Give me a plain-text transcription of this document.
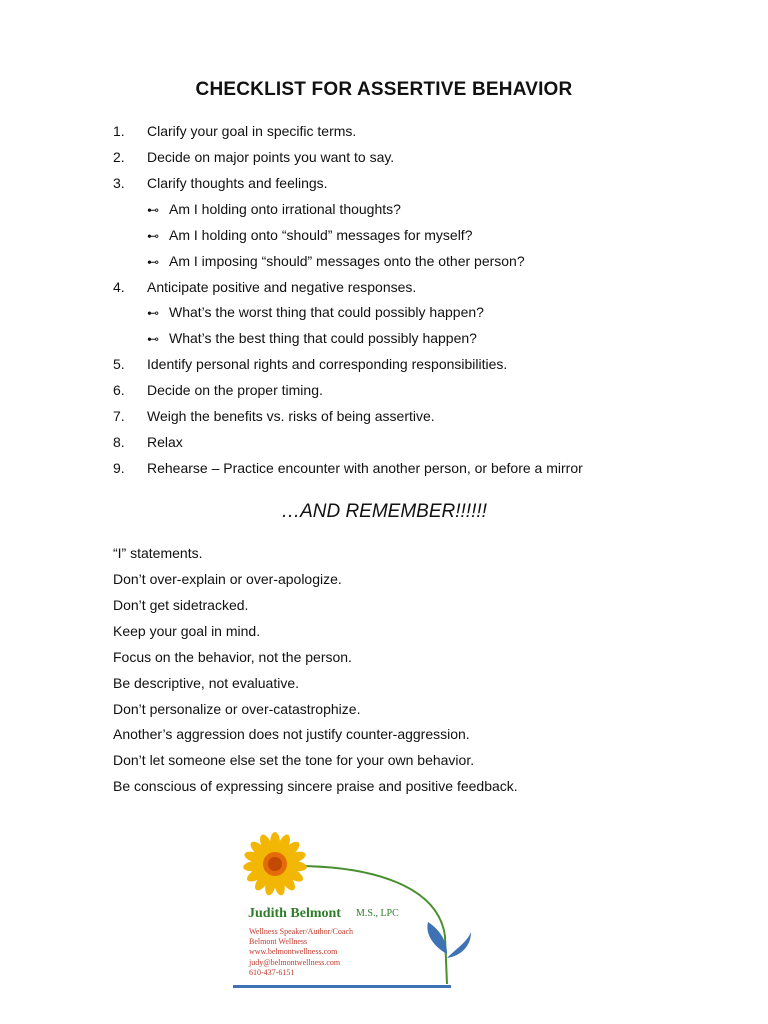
CHECKLIST FOR ASSERTIVE BEHAVIOR
1. Clarify your goal in specific terms.
2. Decide on major points you want to say.
3. Clarify thoughts and feelings.
⊷ Am I holding onto irrational thoughts?
⊷ Am I holding onto “should” messages for myself?
⊷ Am I imposing “should” messages onto the other person?
4. Anticipate positive and negative responses.
⊷ What’s the worst thing that could possibly happen?
⊷ What’s the best thing that could possibly happen?
5. Identify personal rights and corresponding responsibilities.
6. Decide on the proper timing.
7. Weigh the benefits vs. risks of being assertive.
8. Relax
9. Rehearse – Practice encounter with another person, or before a mirror
…AND REMEMBER!!!!!!
“I” statements.
Don’t over-explain or over-apologize.
Don’t get sidetracked.
Keep your goal in mind.
Focus on the behavior, not the person.
Be descriptive, not evaluative.
Don’t personalize or over-catastrophize.
Another’s aggression does not justify counter-aggression.
Don’t let someone else set the tone for your own behavior.
Be conscious of expressing sincere praise and positive feedback.
Judith Belmont M.S., LPC
Wellness Speaker/Author/Coach
Belmont Wellness
www.belmontwellness.com
judy@belmontwellness.com
610-437-6151
